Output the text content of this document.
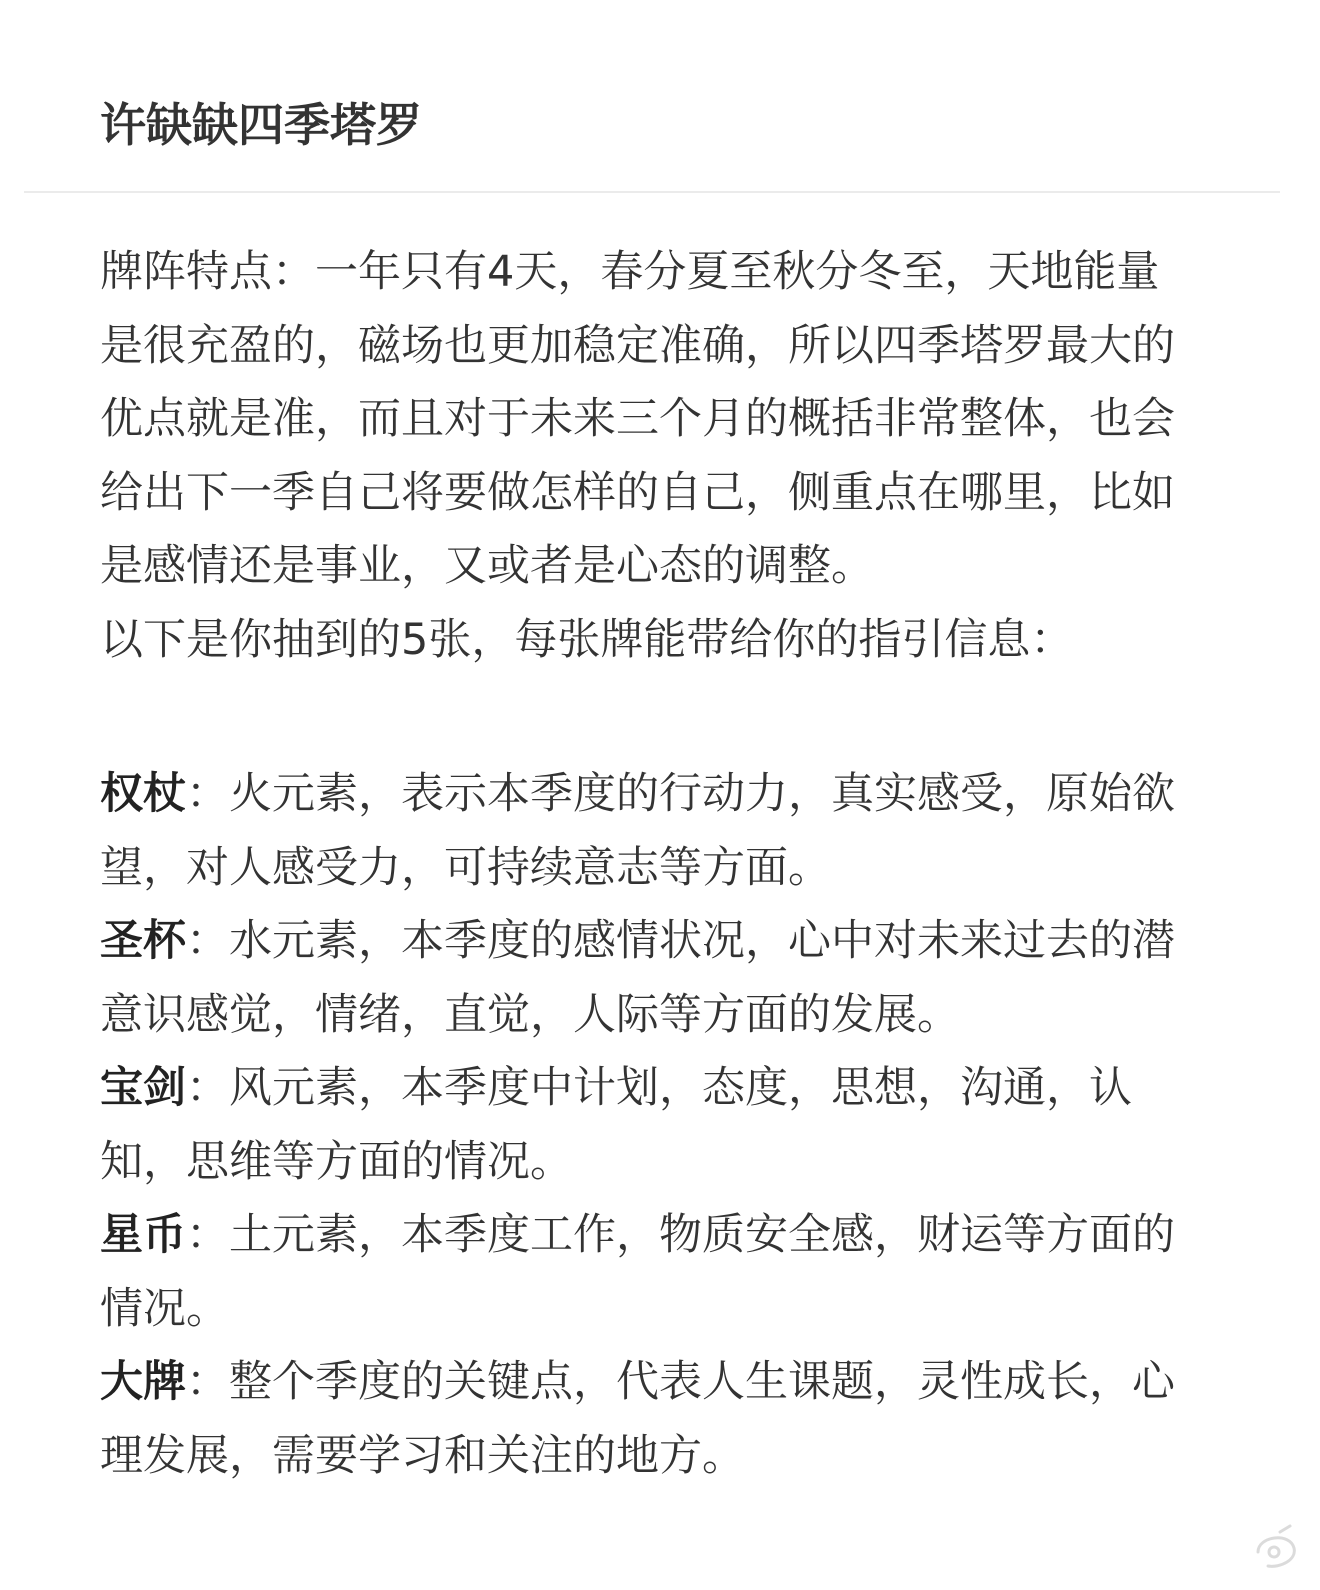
许缺缺四季塔罗
牌阵特点：一年只有4天，春分夏至秋分冬至，天地能量
是很充盈的，磁场也更加稳定准确，所以四季塔罗最大的
优点就是准，而且对于未来三个月的概括非常整体，也会
给出下一季自己将要做怎样的自己，侧重点在哪里，比如
是感情还是事业，又或者是心态的调整。
以下是你抽到的5张，每张牌能带给你的指引信息：
权杖：火元素，表示本季度的行动力，真实感受，原始欲
望，对人感受力，可持续意志等方面。
圣杯：水元素，本季度的感情状况，心中对未来过去的潜
意识感觉，情绪，直觉，人际等方面的发展。
宝剑：风元素，本季度中计划，态度，思想，沟通，认
知，思维等方面的情况。
星币：土元素，本季度工作，物质安全感，财运等方面的
情况。
大牌：整个季度的关键点，代表人生课题，灵性成长，心
理发展，需要学习和关注的地方。
